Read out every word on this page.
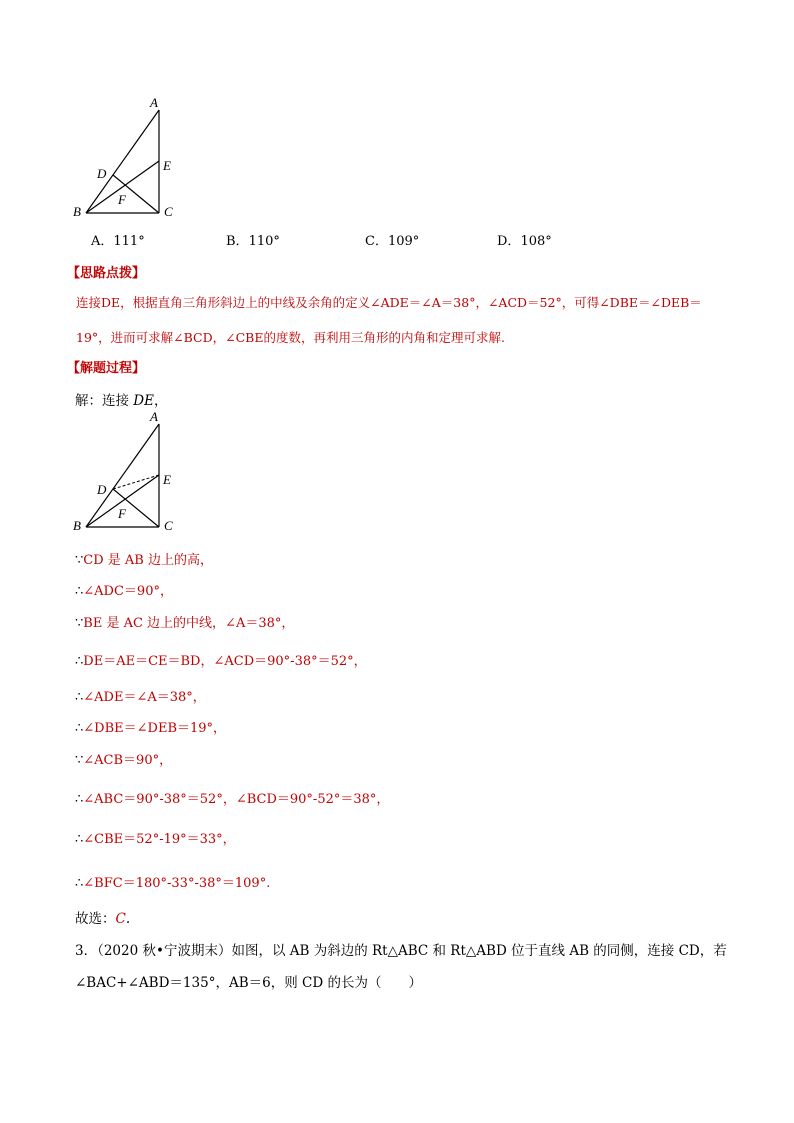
A
E
D
F
B	C
A．111°	B．110°	C．109°	D．108°
【思路点拨】
连接DE，根据直角三角形斜边上的中线及余角的定义∠ADE＝∠A＝38°，∠ACD＝52°，可得∠DBE＝∠DEB＝
19°，进而可求解∠BCD，∠CBE的度数，再利用三角形的内角和定理可求解.
【解题过程】
解：连接 DE，
A
E
D
F
B	C
∵CD 是 AB 边上的高，
∴∠ADC＝90°，
∵BE 是 AC 边上的中线，∠A＝38°，
∴DE＝AE＝CE＝BD，∠ACD＝90°-38°＝52°，
∴∠ADE＝∠A＝38°，
∴∠DBE＝∠DEB＝19°，
∵∠ACB＝90°，
∴∠ABC＝90°-38°＝52°，∠BCD＝90°-52°＝38°，
∴∠CBE＝52°-19°＝33°，
∴∠BFC＝180°-33°-38°＝109°.
故选：C.
3．（2020 秋•宁波期末）如图，以 AB 为斜边的 Rt△ABC 和 Rt△ABD 位于直线 AB 的同侧，连接 CD，若
∠BAC+∠ABD＝135°，AB＝6，则 CD 的长为（　　）
